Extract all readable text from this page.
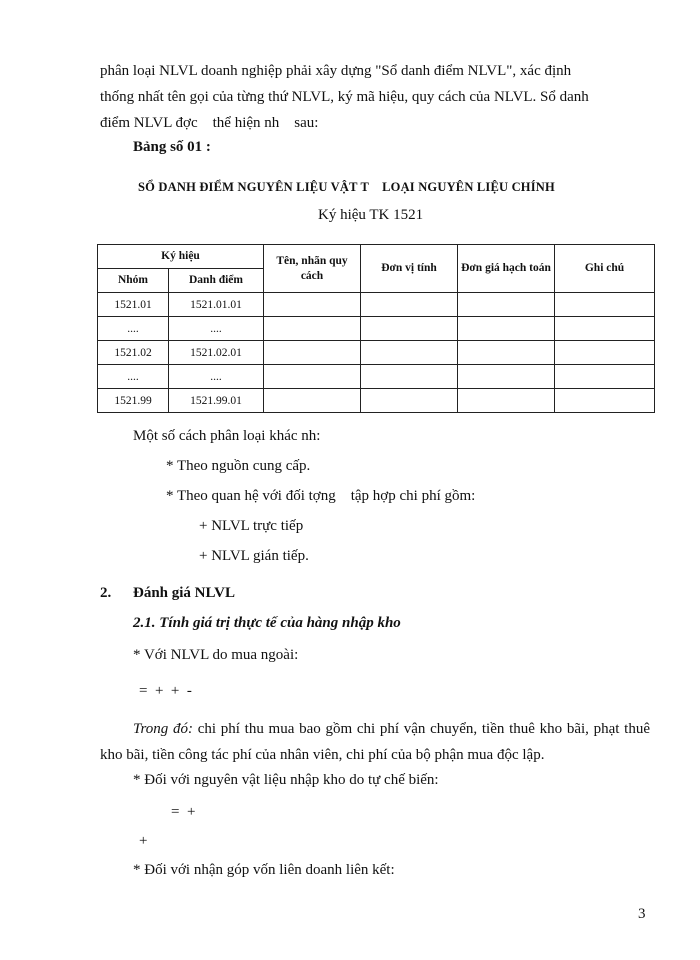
phân loại NLVL doanh nghiệp phải xây dựng "Sổ danh điểm NLVL", xác định
thống nhất tên gọi của từng thứ NLVL, ký mã hiệu, quy cách của NLVL. Sổ danh
điểm NLVL đợc    thể hiện nh    sau:
Bảng số 01 :
SỔ DANH ĐIỂM NGUYÊN LIỆU VẬT T    LOẠI NGUYÊN LIỆU CHÍNH
Ký hiệu TK 1521
Ký hiệu		Tên, nhãn quy cách	Đơn vị tính	Đơn giá hạch toán	Ghi chú
Nhóm	Danh điểm				
1521.01	1521.01.01				
....	....				
1521.02	1521.02.01				
....	....				
1521.99	1521.99.01				
Một số cách phân loại khác nh:
* Theo nguồn cung cấp.
* Theo quan hệ với đối tợng    tập hợp chi phí gồm:
+ NLVL trực tiếp
+ NLVL gián tiếp.
2. Đánh giá NLVL
2.1. Tính giá trị thực tế của hàng nhập kho
* Với NLVL do mua ngoài:
=  +  +  -
Trong đó: chi phí thu mua bao gồm chi phí vận chuyển, tiền thuê kho bãi, phạt thuê kho bãi, tiền công tác phí của nhân viên, chi phí của bộ phận mua độc lập.
* Đối với nguyên vật liệu nhập kho do tự chế biến:
=  +
+
* Đối với nhận góp vốn liên doanh liên kết:
3
